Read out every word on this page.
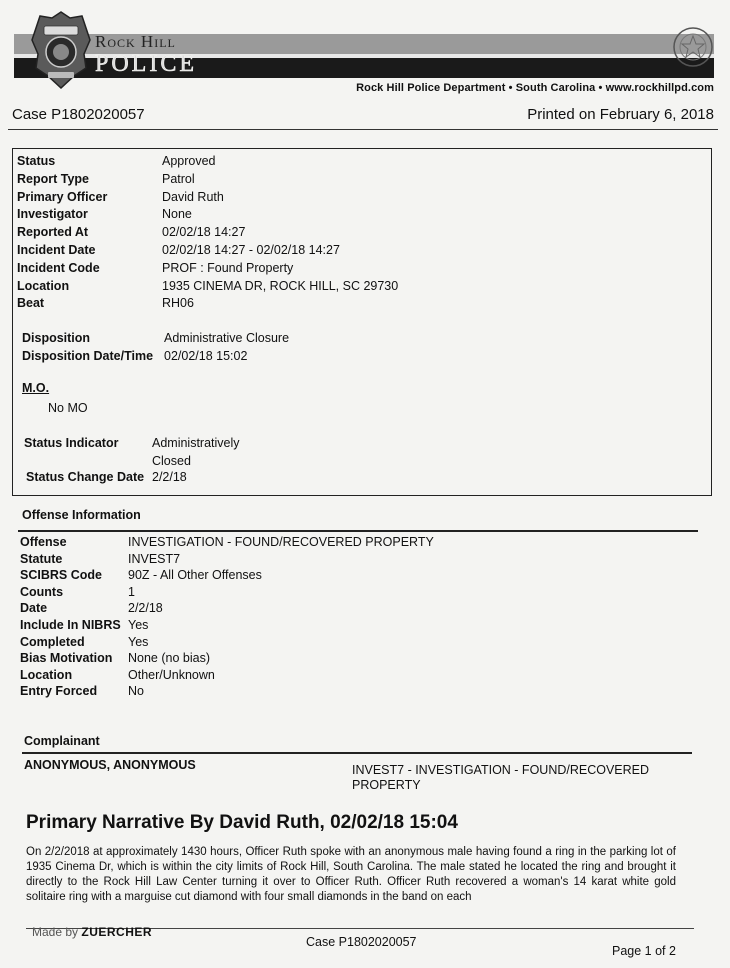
Rock Hill
POLICE
Rock Hill Police Department • South Carolina • www.rockhillpd.com
Case P1802020057	Printed on February 6, 2018
Status	Approved
Report Type	Patrol
Primary Officer	David Ruth
Investigator	None
Reported At	02/02/18 14:27
Incident Date	02/02/18 14:27 - 02/02/18 14:27
Incident Code	PROF : Found Property
Location	1935 CINEMA DR, ROCK HILL, SC 29730
Beat	RH06
Disposition	Administrative Closure
Disposition Date/Time 02/02/18 15:02
M.O.
No MO
Status Indicator	Administratively
Closed
Status Change Date 2/2/18
Offense Information
Offense	INVESTIGATION - FOUND/RECOVERED PROPERTY
Statute	INVEST7
SCIBRS Code 90Z - All Other Offenses
Counts	1
Date	2/2/18
Include In NIBRS Yes
Completed	Yes
Bias Motivation None (no bias)
Location	Other/Unknown
Entry Forced No
Complainant
ANONYMOUS, ANONYMOUS	INVEST7 - INVESTIGATION - FOUND/RECOVERED
PROPERTY
Primary Narrative By David Ruth, 02/02/18 15:04
On 2/2/2018 at approximately 1430 hours, Officer Ruth spoke with an anonymous male having found a ring in the parking lot of 1935 Cinema Dr, which is within the city limits of Rock Hill, South Carolina. The male stated he located the ring and brought it directly to the Rock Hill Law Center turning it over to Officer Ruth. Officer Ruth recovered a woman's 14 karat white gold solitaire ring with a marguise cut diamond with four small diamonds in the band on each
Made by ZUERCHER
Case P1802020057
Page 1 of 2
